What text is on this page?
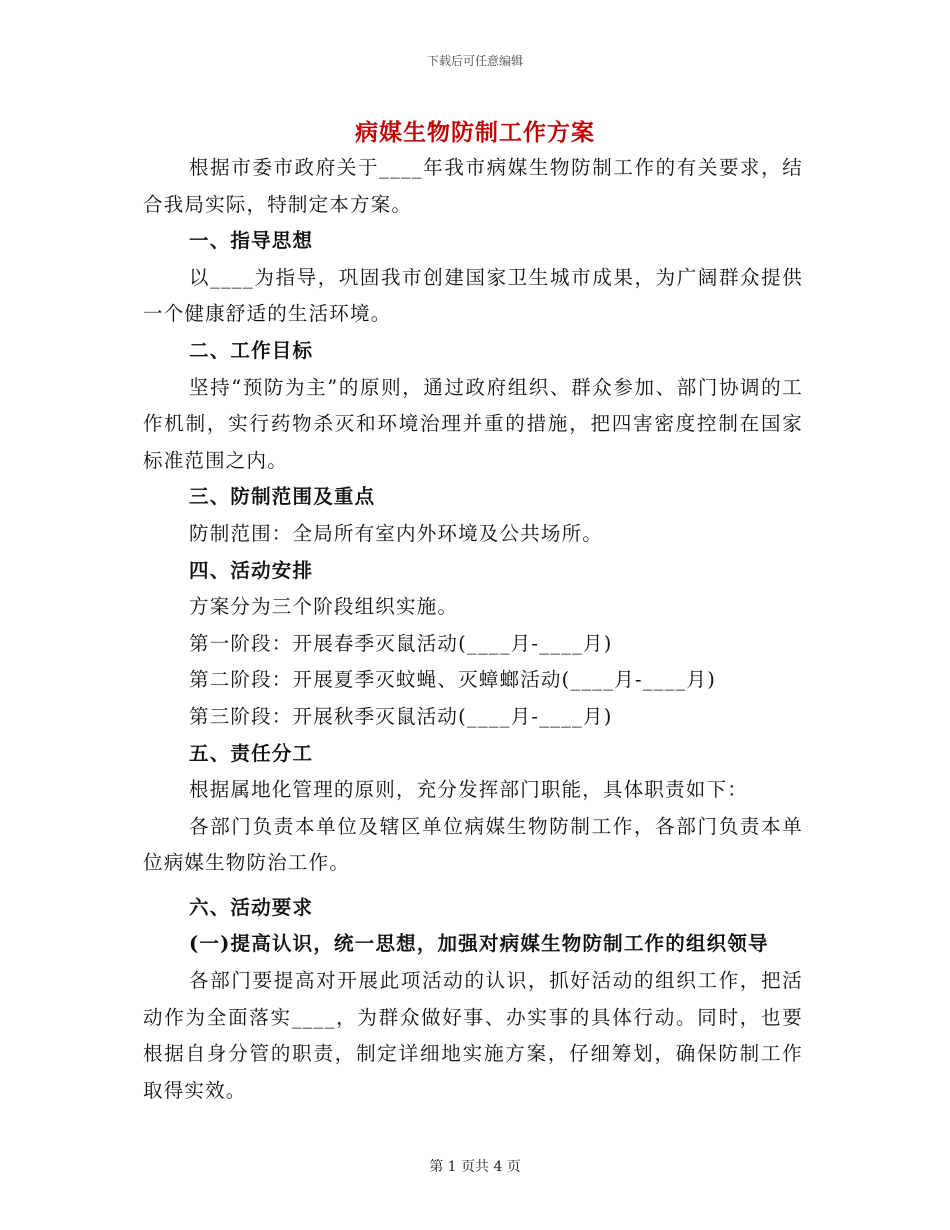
下载后可任意编辑
病媒生物防制工作方案

根据市委市政府关于____年我市病媒生物防制工作的有关要求，结合我局实际，特制定本方案。

一、指导思想

以____为指导，巩固我市创建国家卫生城市成果，为广阔群众提供一个健康舒适的生活环境。

二、工作目标

坚持“预防为主”的原则，通过政府组织、群众参加、部门协调的工作机制，实行药物杀灭和环境治理并重的措施，把四害密度控制在国家标准范围之内。

三、防制范围及重点

防制范围：全局所有室内外环境及公共场所。

四、活动安排

方案分为三个阶段组织实施。

第一阶段：开展春季灭鼠活动(____月-____月)

第二阶段：开展夏季灭蚊蝇、灭蟑螂活动(____月-____月)

第三阶段：开展秋季灭鼠活动(____月-____月)

五、责任分工

根据属地化管理的原则，充分发挥部门职能，具体职责如下：

各部门负责本单位及辖区单位病媒生物防制工作，各部门负责本单位病媒生物防治工作。

六、活动要求

(一)提高认识，统一思想，加强对病媒生物防制工作的组织领导

各部门要提高对开展此项活动的认识，抓好活动的组织工作，把活动作为全面落实____，为群众做好事、办实事的具体行动。同时，也要根据自身分管的职责，制定详细地实施方案，仔细筹划，确保防制工作取得实效。

第 1 页共 4 页
